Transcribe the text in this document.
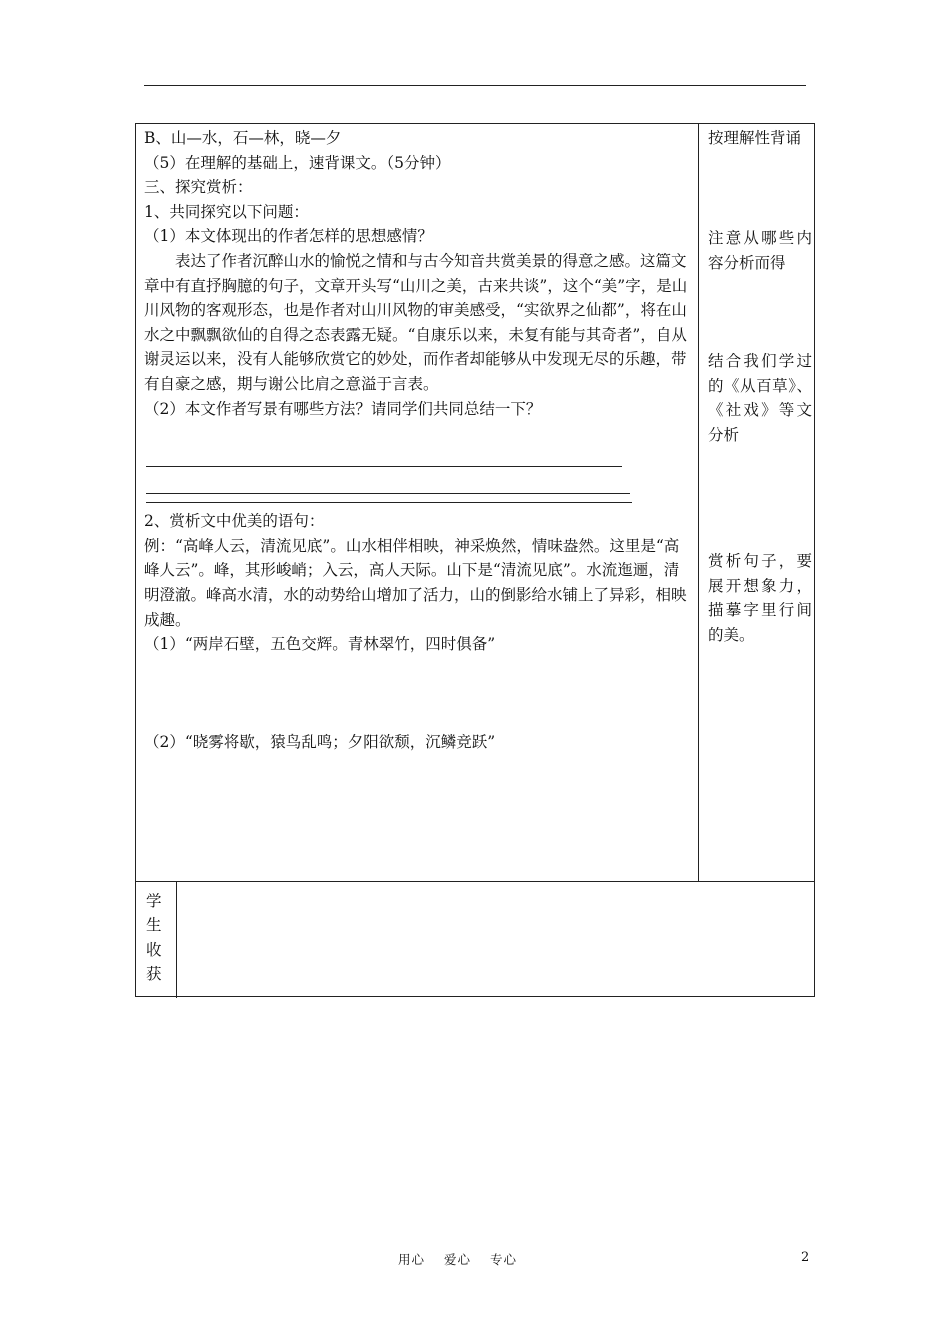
B、山—水，石—林，晓—夕

（5）在理解的基础上，速背课文。（5分钟）

三、探究赏析：

1、共同探究以下问题：

（1）本文体现出的作者怎样的思想感情？

表达了作者沉醉山水的愉悦之情和与古今知音共赏美景的得意之感。这篇文章中有直抒胸臆的句子，文章开头写“山川之美，古来共谈”，这个“美”字，是山川风物的客观形态，也是作者对山川风物的审美感受，“实欲界之仙都”，将在山水之中飘飘欲仙的自得之态表露无疑。“自康乐以来，未复有能与其奇者”，自从谢灵运以来，没有人能够欣赏它的妙处，而作者却能够从中发现无尽的乐趣，带有自豪之感，期与谢公比肩之意溢于言表。

（2）本文作者写景有哪些方法？请同学们共同总结一下？

2、赏析文中优美的语句：

例：“高峰人云，清流见底”。山水相伴相映，神采焕然，情味盎然。这里是“高峰人云”。峰，其形峻峭；入云，高人天际。山下是“清流见底”。水流迤逦，清明澄澈。峰高水清，水的动势给山增加了活力，山的倒影给水铺上了异彩，相映成趣。

（1）“两岸石壁，五色交辉。青林翠竹，四时俱备”

（2）“晓雾将歇，猿鸟乱鸣；夕阳欲颓，沉鳞竞跃”

按理解性背诵
注意从哪些内容分析而得
结合我们学过的《从百草》、《社戏》等文分析
赏析句子，要展开想象力，描摹字里行间的美。
学
生
收
获
用心 爱心 专心	2
